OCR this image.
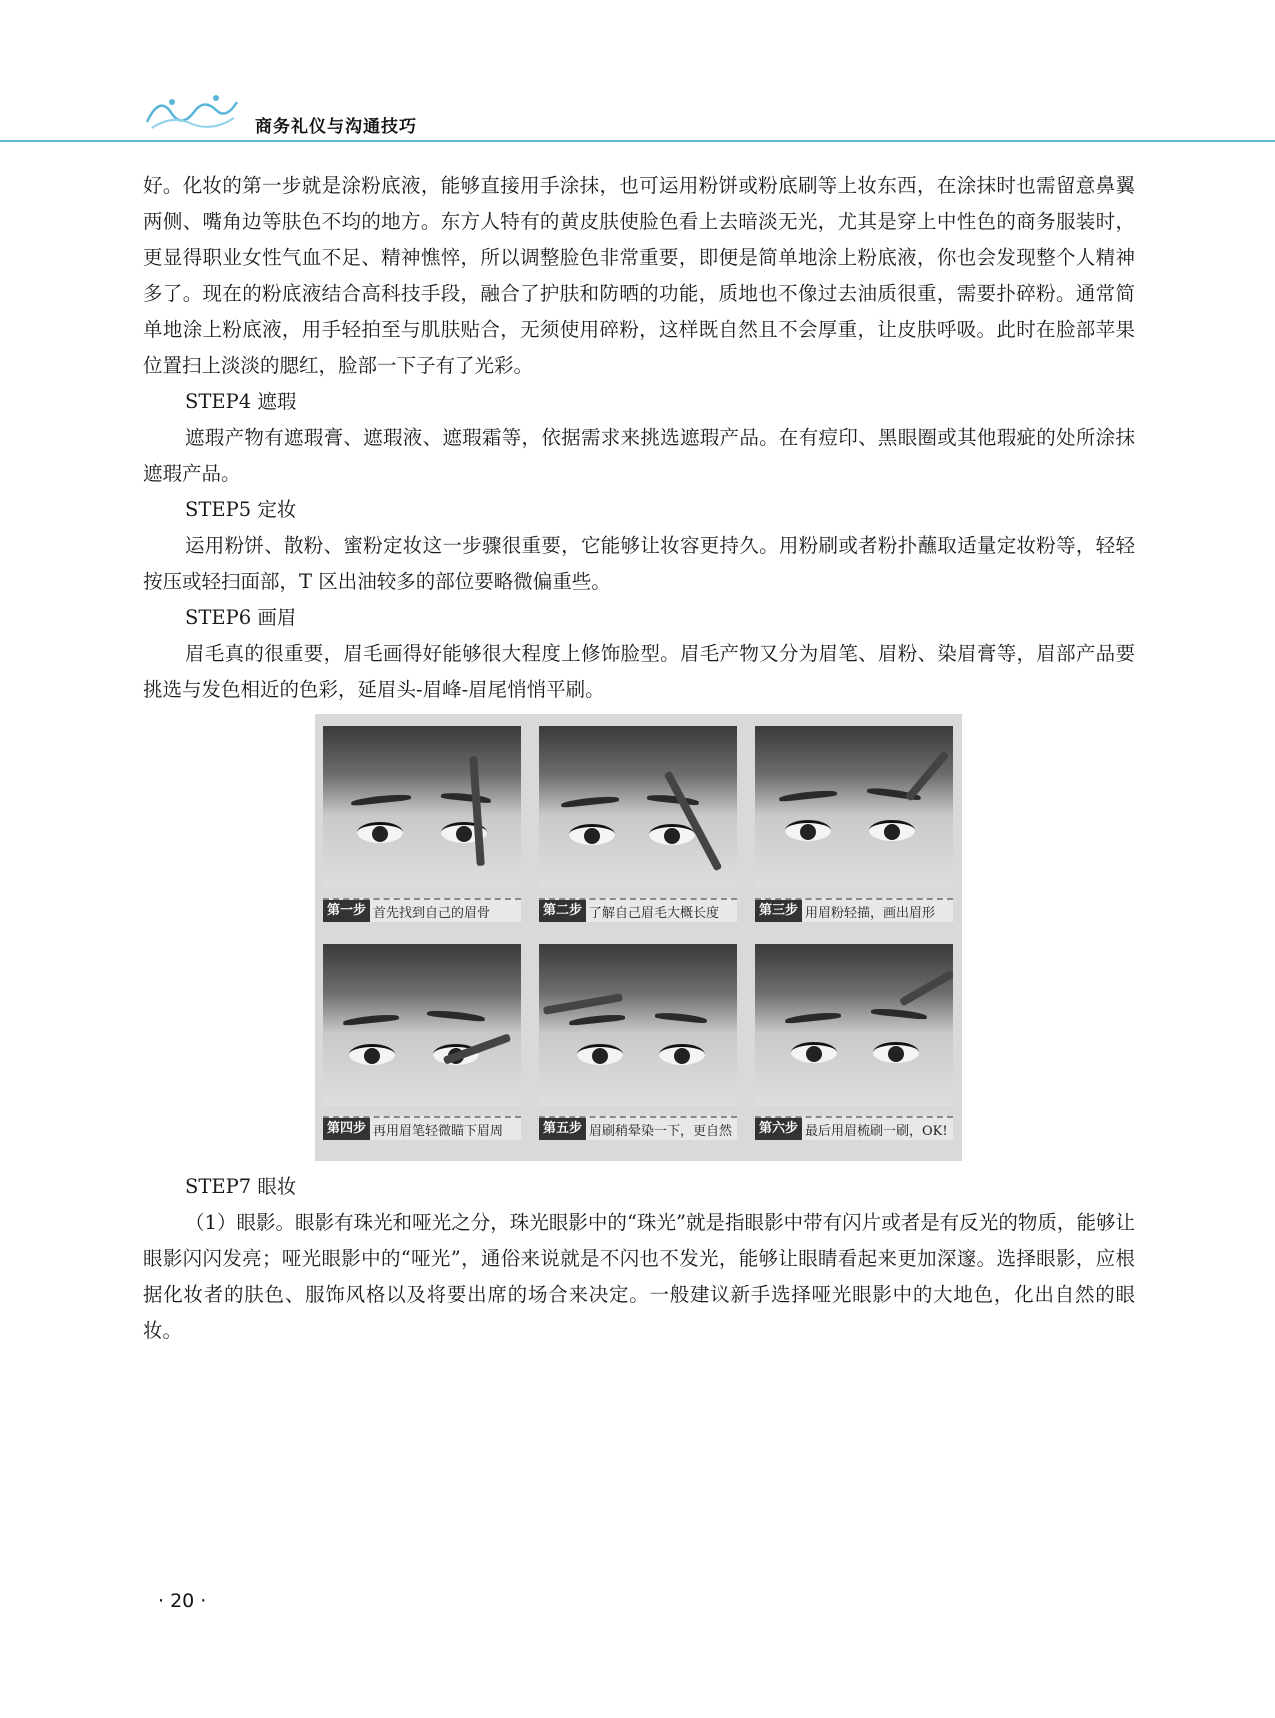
商务礼仪与沟通技巧

好。化妆的第一步就是涂粉底液，能够直接用手涂抹，也可运用粉饼或粉底刷等上妆东西，在涂抹时也需留意鼻翼两侧、嘴角边等肤色不均的地方。东方人特有的黄皮肤使脸色看上去暗淡无光，尤其是穿上中性色的商务服装时，更显得职业女性气血不足、精神憔悴，所以调整脸色非常重要，即便是简单地涂上粉底液，你也会发现整个人精神多了。现在的粉底液结合高科技手段，融合了护肤和防晒的功能，质地也不像过去油质很重，需要扑碎粉。通常简单地涂上粉底液，用手轻拍至与肌肤贴合，无须使用碎粉，这样既自然且不会厚重，让皮肤呼吸。此时在脸部苹果位置扫上淡淡的腮红，脸部一下子有了光彩。

STEP4 遮瑕

遮瑕产物有遮瑕膏、遮瑕液、遮瑕霜等，依据需求来挑选遮瑕产品。在有痘印、黑眼圈或其他瑕疵的处所涂抹遮瑕产品。

STEP5 定妆

运用粉饼、散粉、蜜粉定妆这一步骤很重要，它能够让妆容更持久。用粉刷或者粉扑蘸取适量定妆粉等，轻轻按压或轻扫面部，T 区出油较多的部位要略微偏重些。

STEP6 画眉

眉毛真的很重要，眉毛画得好能够很大程度上修饰脸型。眉毛产物又分为眉笔、眉粉、染眉膏等，眉部产品要挑选与发色相近的色彩，延眉头-眉峰-眉尾悄悄平刷。

第一步 首先找到自己的眉骨	第二步 了解自己眉毛大概长度	第三步 用眉粉轻描，画出眉形
第四步 再用眉笔轻微瞄下眉周	第五步 眉刷稍晕染一下，更自然	第六步 最后用眉梳刷一刷，OK!

STEP7 眼妆

（1）眼影。眼影有珠光和哑光之分，珠光眼影中的“珠光”就是指眼影中带有闪片或者是有反光的物质，能够让眼影闪闪发亮；哑光眼影中的“哑光”，通俗来说就是不闪也不发光，能够让眼睛看起来更加深邃。选择眼影，应根据化妆者的肤色、服饰风格以及将要出席的场合来决定。一般建议新手选择哑光眼影中的大地色，化出自然的眼妆。

· 20 ·
